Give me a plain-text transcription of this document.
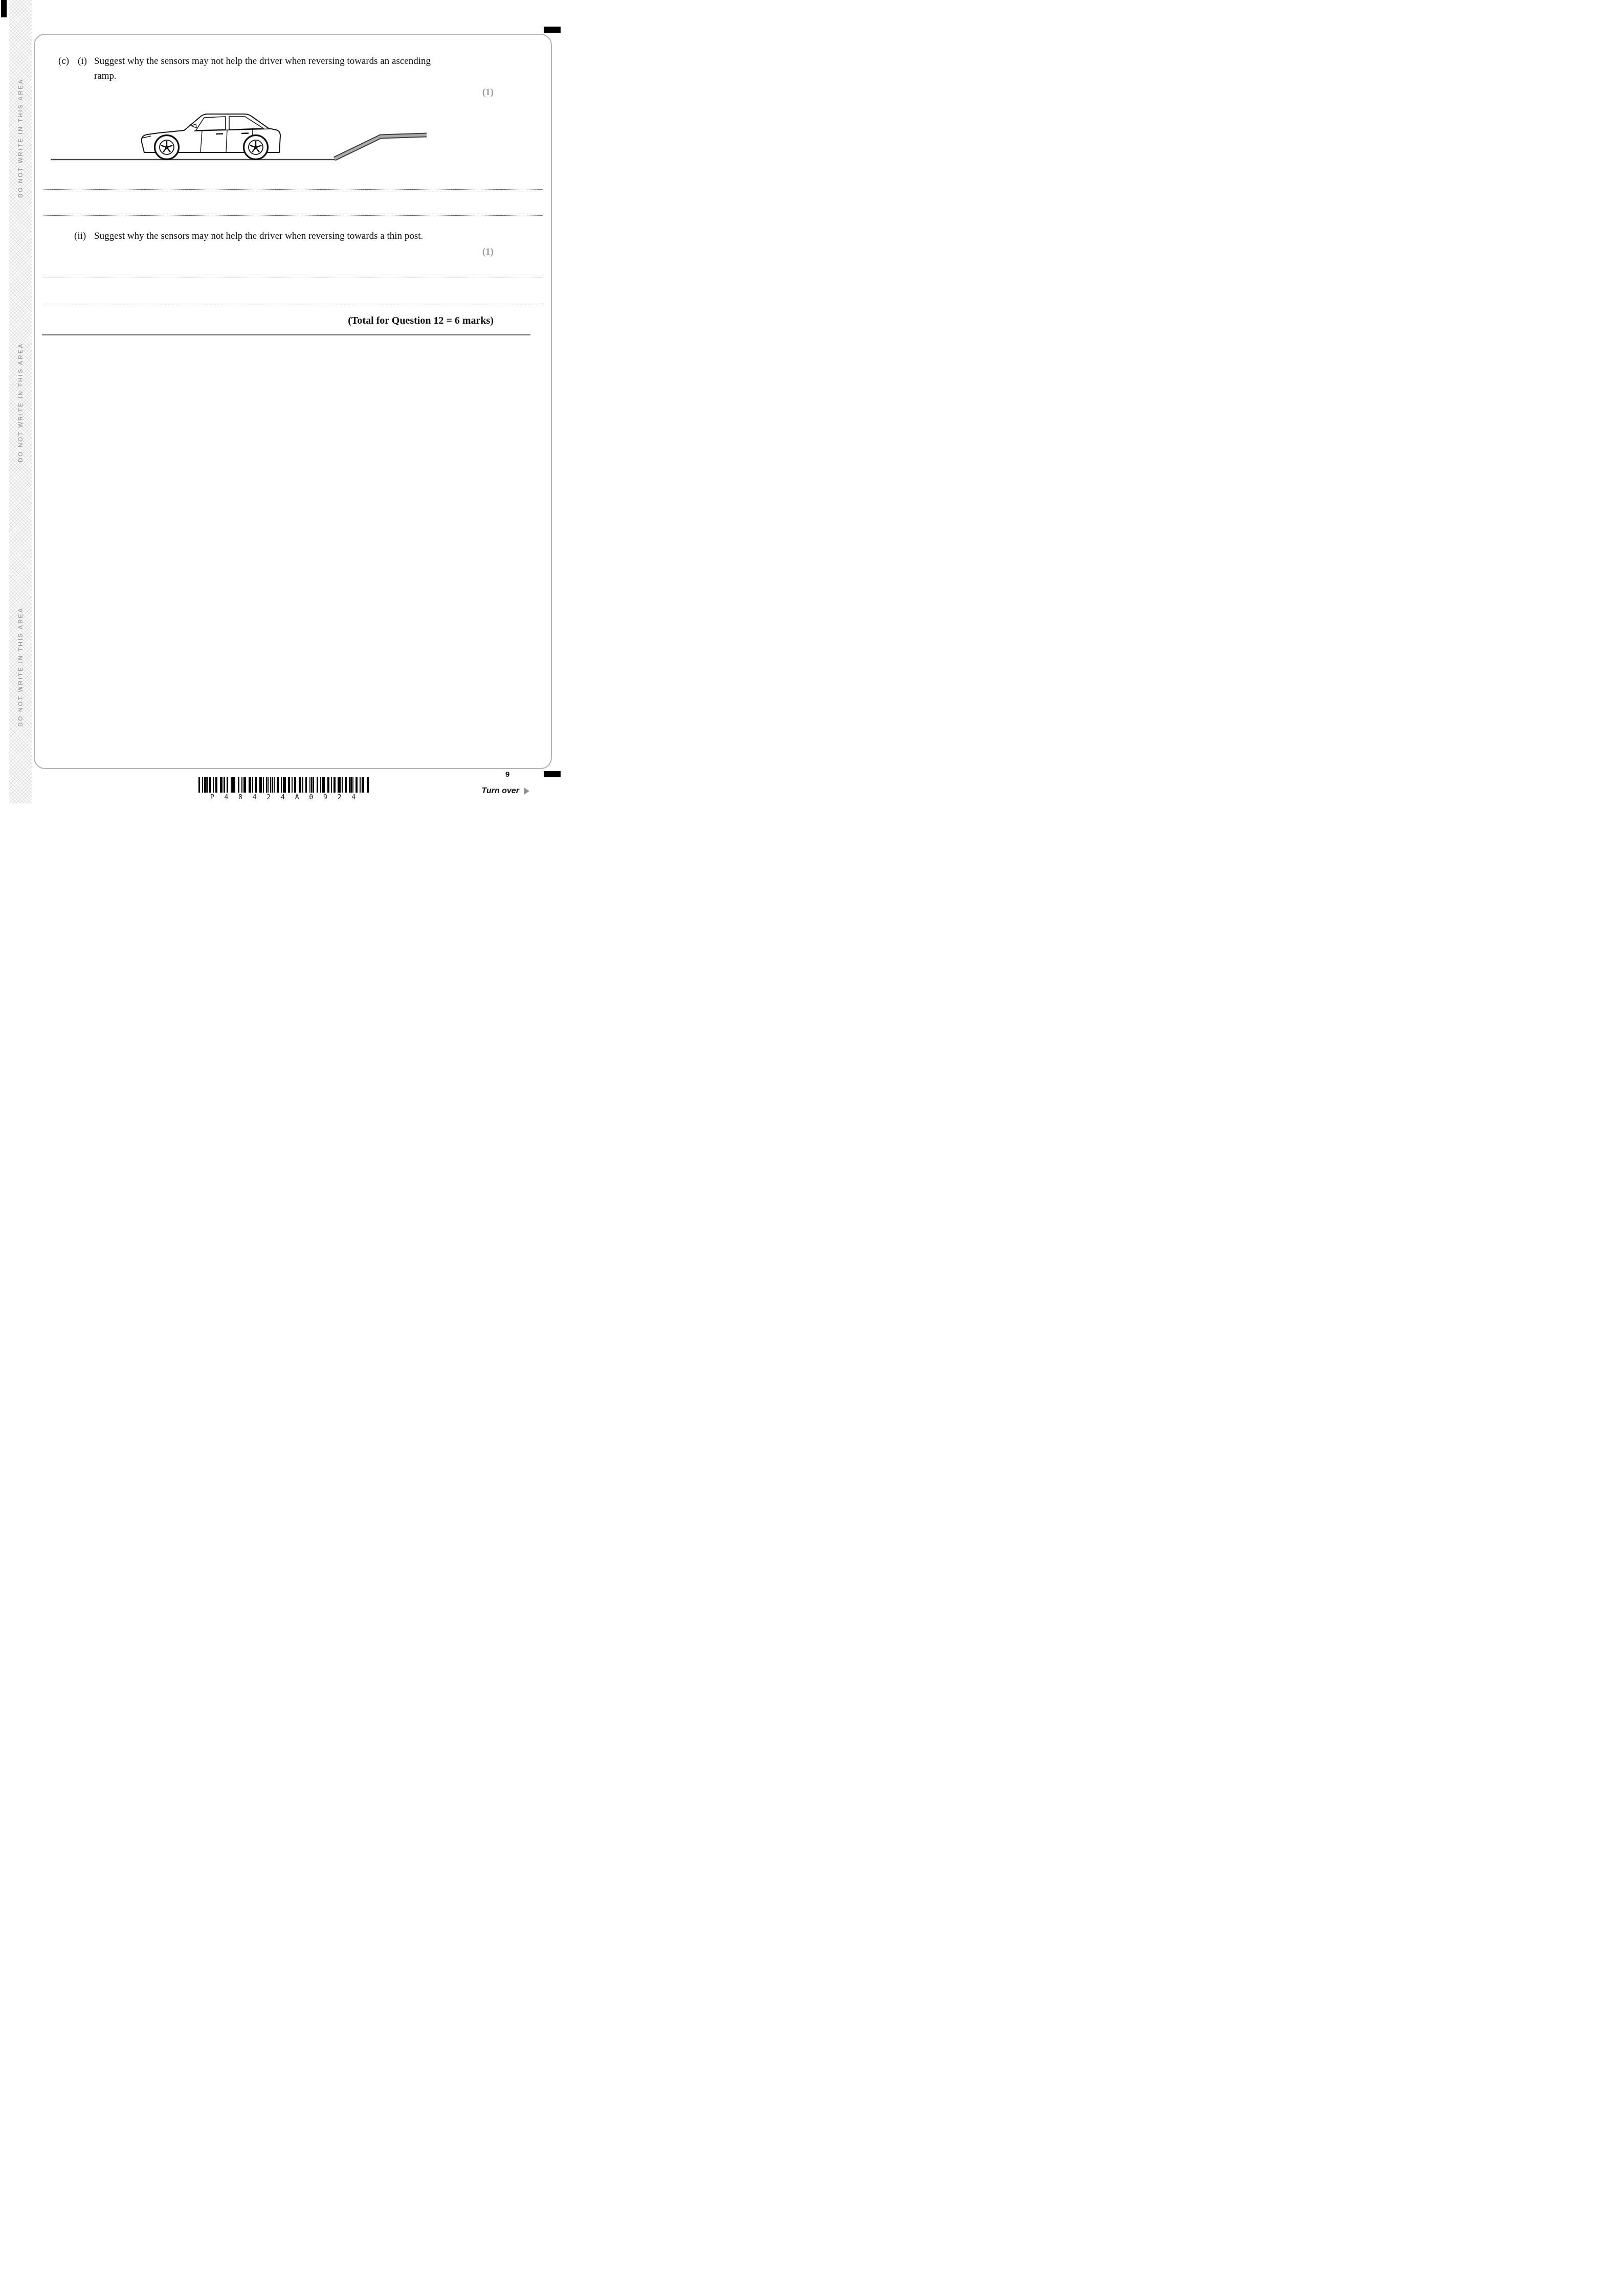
DO NOT WRITE IN THIS AREA
DO NOT WRITE IN THIS AREA
DO NOT WRITE IN THIS AREA
(c) (i) Suggest why the sensors may not help the driver when reversing towards an ascending ramp.
(1)
(ii) Suggest why the sensors may not help the driver when reversing towards a thin post.
(1)
(Total for Question 12 = 6 marks)
9
P 4 8 4 2 4 A 0 9 2 4
Turn over
